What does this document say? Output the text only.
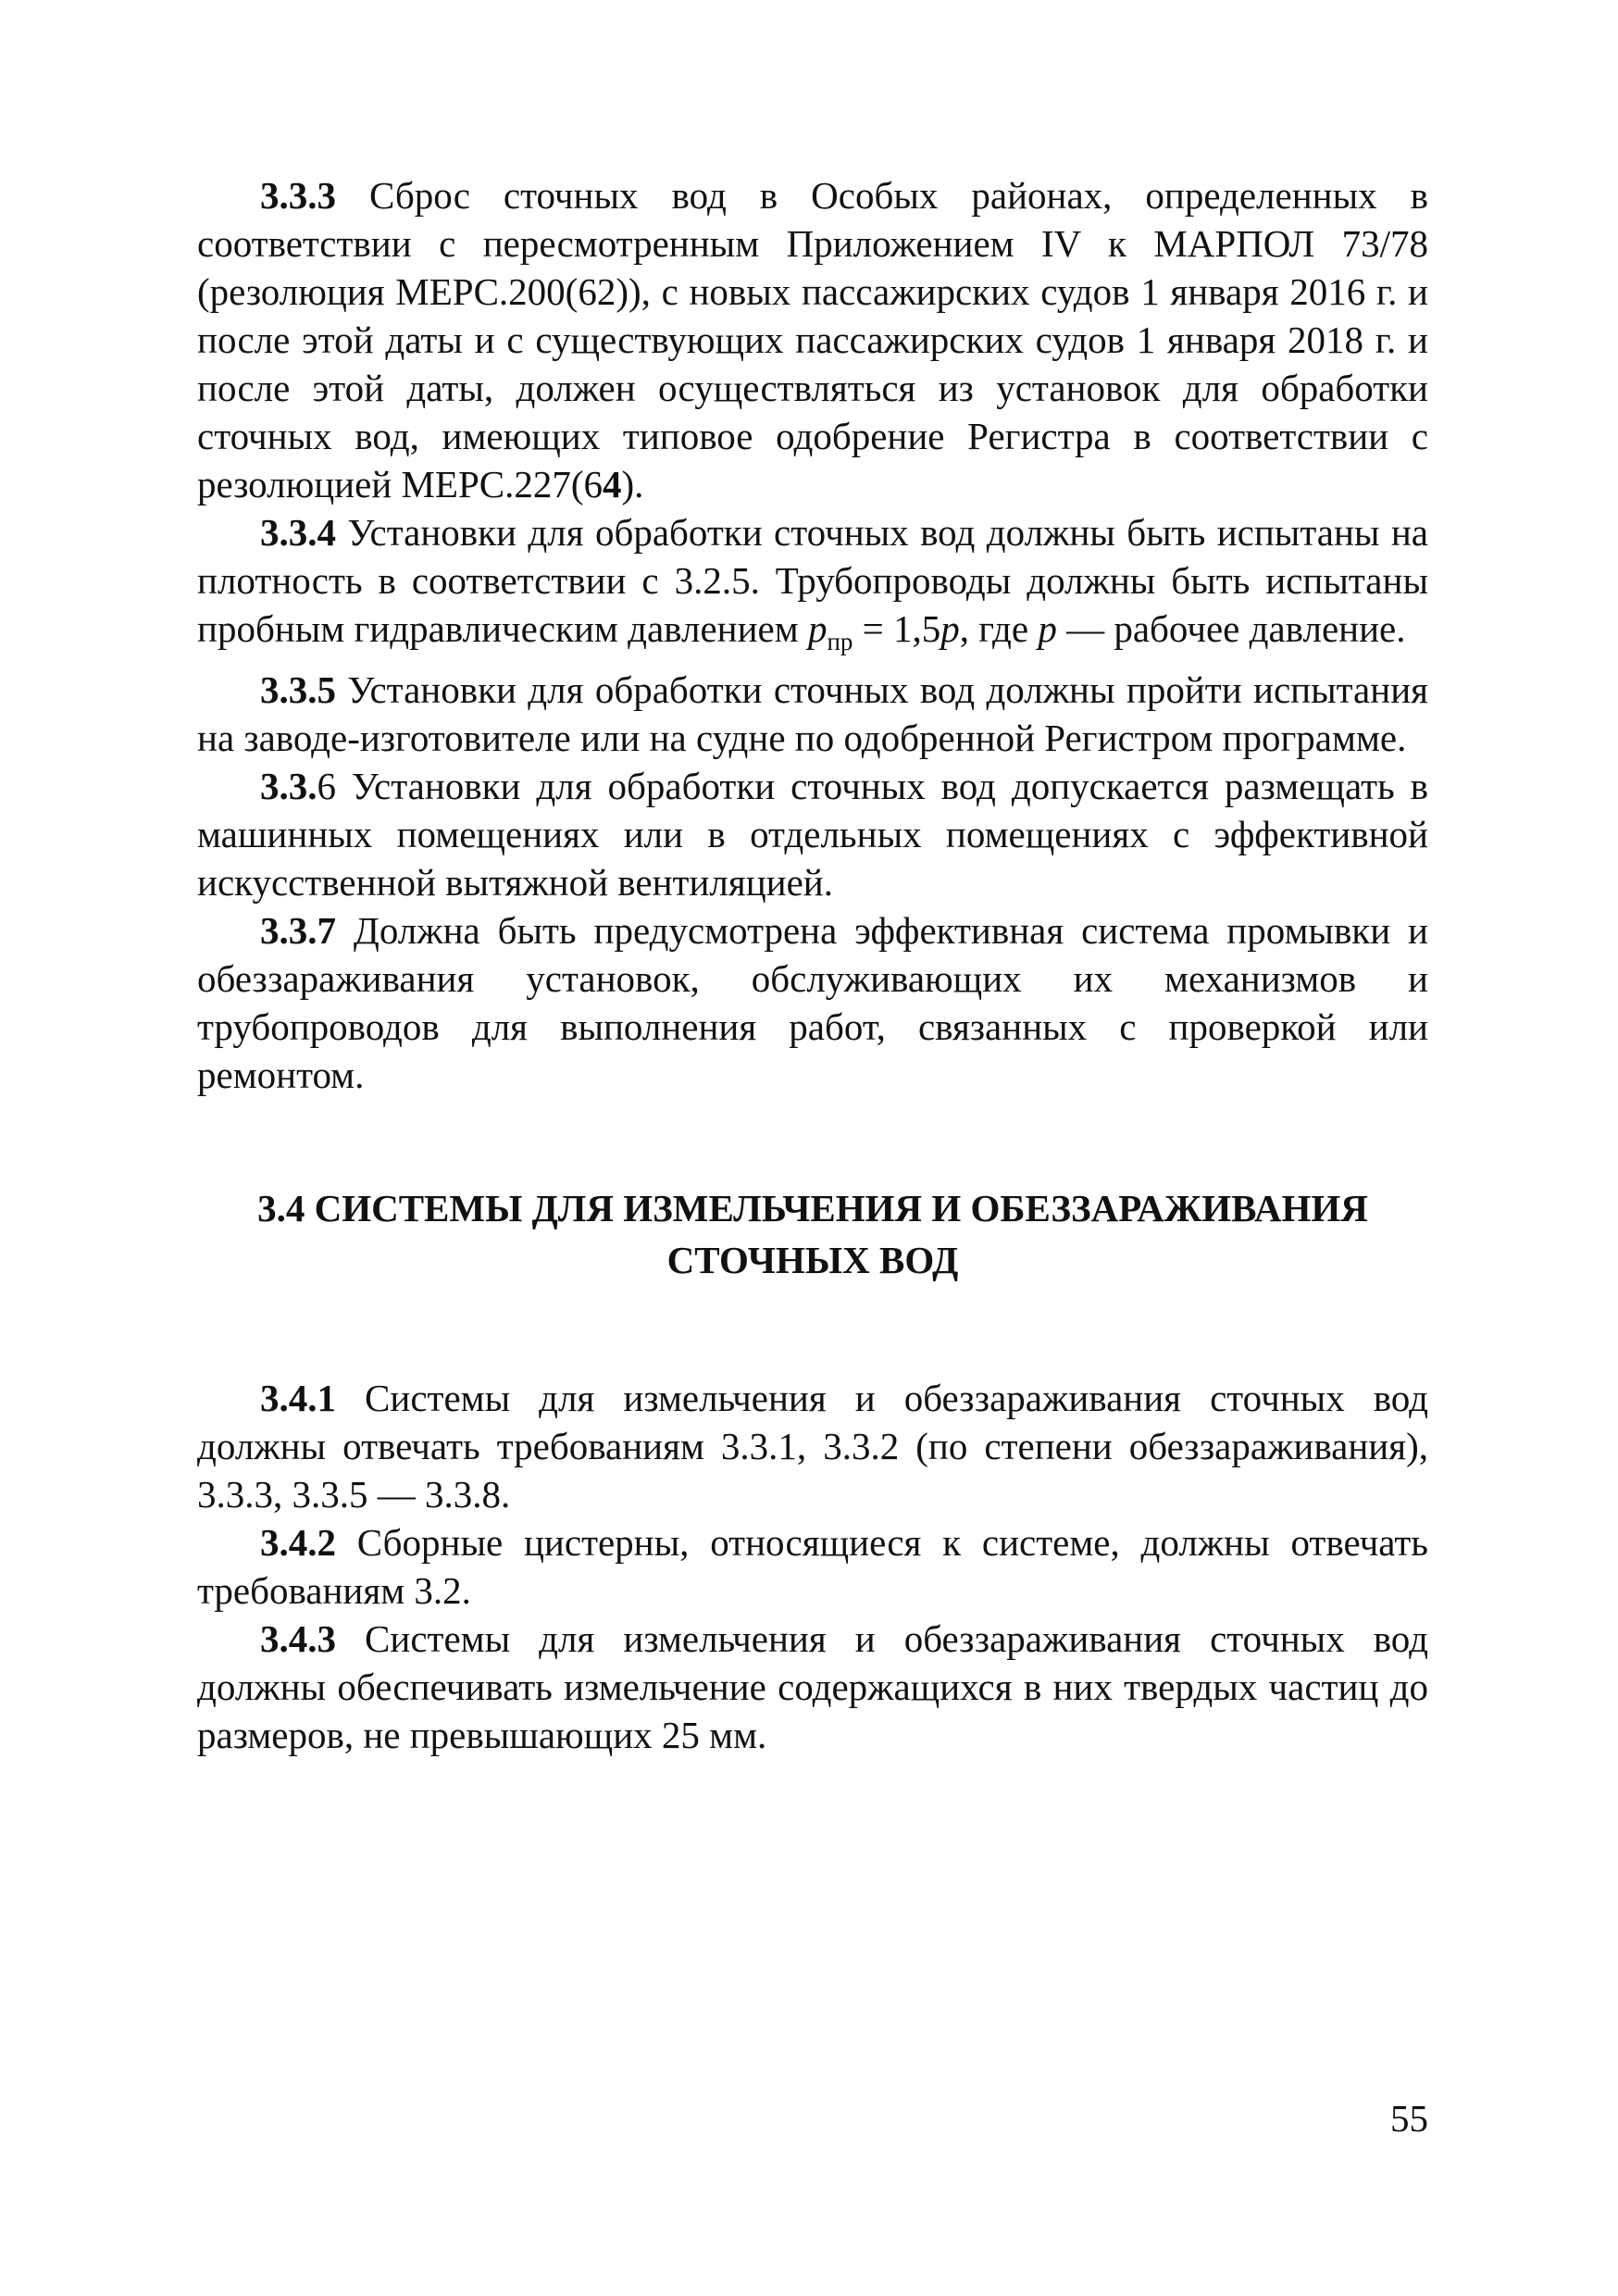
3.3.3 Сброс сточных вод в Особых районах, определенных в соответствии с пересмотренным Приложением IV к МАРПОЛ 73/78 (резолюция MEPC.200(62)), с новых пассажирских судов 1 января 2016 г. и после этой даты и с существующих пассажирских судов 1 января 2018 г. и после этой даты, должен осуществляться из установок для обработки сточных вод, имеющих типовое одобрение Регистра в соответствии с резолюцией MEPC.227(64).

3.3.4 Установки для обработки сточных вод должны быть испытаны на плотность в соответствии с 3.2.5. Трубопроводы должны быть испытаны пробным гидравлическим давлением $p_{пр} = 1,5p$, где p — рабочее давление.

3.3.5 Установки для обработки сточных вод должны пройти испытания на заводе-изготовителе или на судне по одобренной Регистром программе.

3.3.6 Установки для обработки сточных вод допускается размещать в машинных помещениях или в отдельных помещениях с эффективной искусственной вытяжной вентиляцией.

3.3.7 Должна быть предусмотрена эффективная система промывки и обеззараживания установок, обслуживающих их механизмов и трубопроводов для выполнения работ, связанных с проверкой или ремонтом.

3.4 СИСТЕМЫ ДЛЯ ИЗМЕЛЬЧЕНИЯ И ОБЕЗЗАРАЖИВАНИЯ
СТОЧНЫХ ВОД

3.4.1 Системы для измельчения и обеззараживания сточных вод должны отвечать требованиям 3.3.1, 3.3.2 (по степени обеззараживания), 3.3.3, 3.3.5 — 3.3.8.

3.4.2 Сборные цистерны, относящиеся к системе, должны отвечать требованиям 3.2.

3.4.3 Системы для измельчения и обеззараживания сточных вод должны обеспечивать измельчение содержащихся в них твердых частиц до размеров, не превышающих 25 мм.

55
